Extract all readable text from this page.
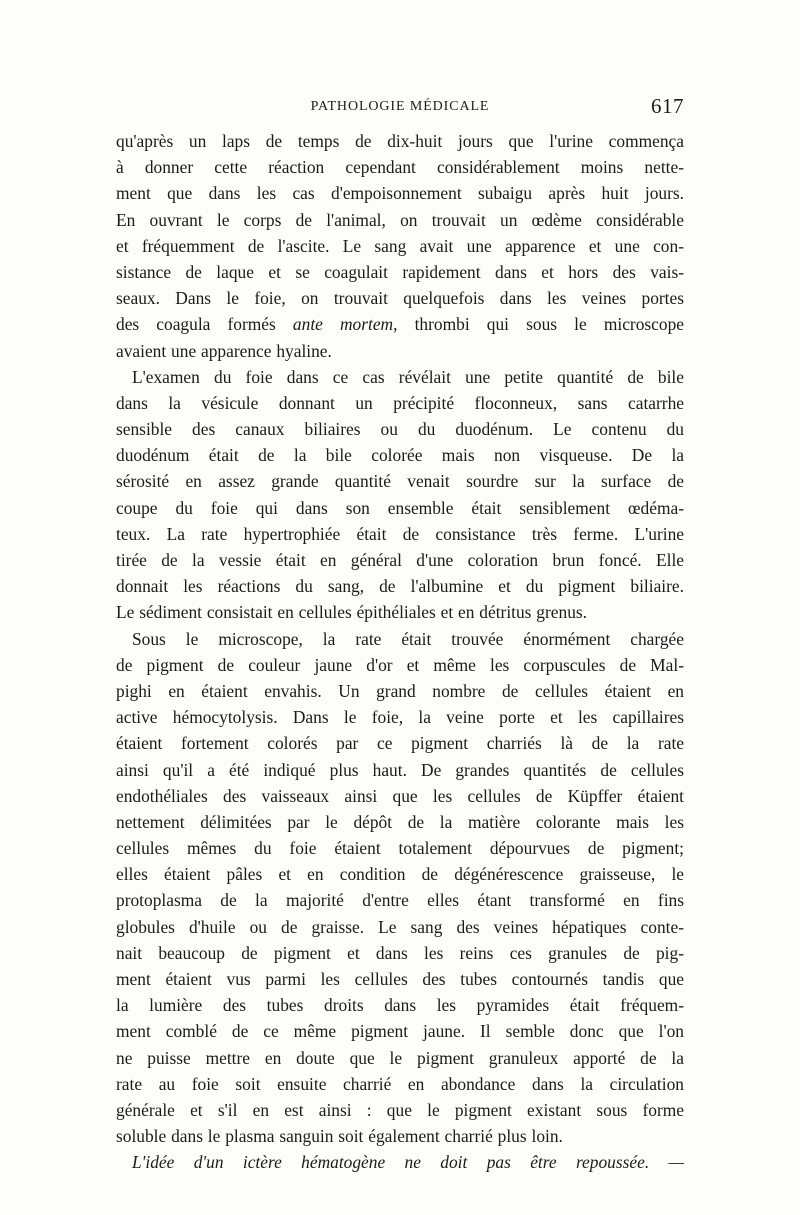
PATHOLOGIE MÉDICALE	617
qu'après un laps de temps de dix-huit jours que l'urine commença
à donner cette réaction cependant considérablement moins nette-
ment que dans les cas d'empoisonnement subaigu après huit jours.
En ouvrant le corps de l'animal, on trouvait un œdème considérable
et fréquemment de l'ascite. Le sang avait une apparence et une con-
sistance de laque et se coagulait rapidement dans et hors des vais-
seaux. Dans le foie, on trouvait quelquefois dans les veines portes
des coagula formés ante mortem, thrombi qui sous le microscope
avaient une apparence hyaline.
L'examen du foie dans ce cas révélait une petite quantité de bile
dans la vésicule donnant un précipité floconneux, sans catarrhe
sensible des canaux biliaires ou du duodénum. Le contenu du
duodénum était de la bile colorée mais non visqueuse. De la
sérosité en assez grande quantité venait sourdre sur la surface de
coupe du foie qui dans son ensemble était sensiblement œdéma-
teux. La rate hypertrophiée était de consistance très ferme. L'urine
tirée de la vessie était en général d'une coloration brun foncé. Elle
donnait les réactions du sang, de l'albumine et du pigment biliaire.
Le sédiment consistait en cellules épithéliales et en détritus grenus.
Sous le microscope, la rate était trouvée énormément chargée
de pigment de couleur jaune d'or et même les corpuscules de Mal-
pighi en étaient envahis. Un grand nombre de cellules étaient en
active hémocytolysis. Dans le foie, la veine porte et les capillaires
étaient fortement colorés par ce pigment charriés là de la rate
ainsi qu'il a été indiqué plus haut. De grandes quantités de cellules
endothéliales des vaisseaux ainsi que les cellules de Küpffer étaient
nettement délimitées par le dépôt de la matière colorante mais les
cellules mêmes du foie étaient totalement dépourvues de pigment;
elles étaient pâles et en condition de dégénérescence graisseuse, le
protoplasma de la majorité d'entre elles étant transformé en fins
globules d'huile ou de graisse. Le sang des veines hépatiques conte-
nait beaucoup de pigment et dans les reins ces granules de pig-
ment étaient vus parmi les cellules des tubes contournés tandis que
la lumière des tubes droits dans les pyramides était fréquem-
ment comblé de ce même pigment jaune. Il semble donc que l'on
ne puisse mettre en doute que le pigment granuleux apporté de la
rate au foie soit ensuite charrié en abondance dans la circulation
générale et s'il en est ainsi : que le pigment existant sous forme
soluble dans le plasma sanguin soit également charrié plus loin.
L'idée d'un ictère hématogène ne doit pas être repoussée. —
